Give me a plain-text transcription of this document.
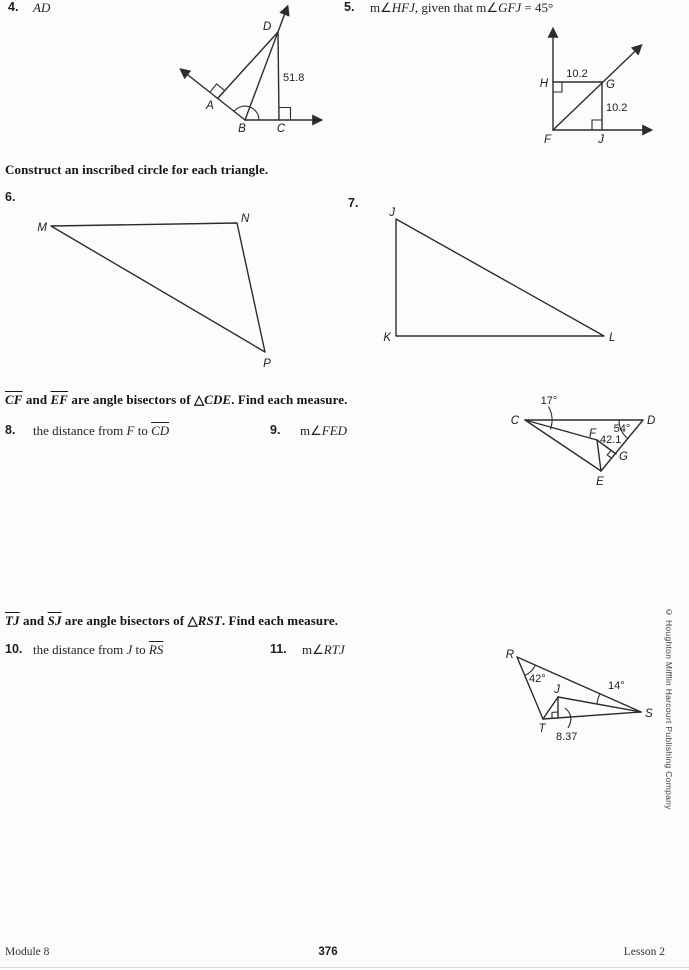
4. AD	5. m∠HFJ, given that m∠GFJ = 45°
D
A
B	C
51.8	H	G
F	J
10.2
10.2
Construct an inscribed circle for each triangle.
6.
M
N
P
7.
J
K	L
$\overline{CF}$ and $\overline{EF}$ are angle bisectors of △CDE. Find each measure.
8. the distance from F to $\overline{CD}$	9. m∠FED
C	D
E
F
G
17°
54°
42.1
$\overline{TJ}$ and $\overline{SJ}$ are angle bisectors of △RST. Find each measure.
10. the distance from J to $\overline{RS}$	11. m∠RTJ	R
S
T
J
42°
14°
8.37	© Houghton Mifflin Harcourt Publishing Company
Module 8	376	Lesson 2
